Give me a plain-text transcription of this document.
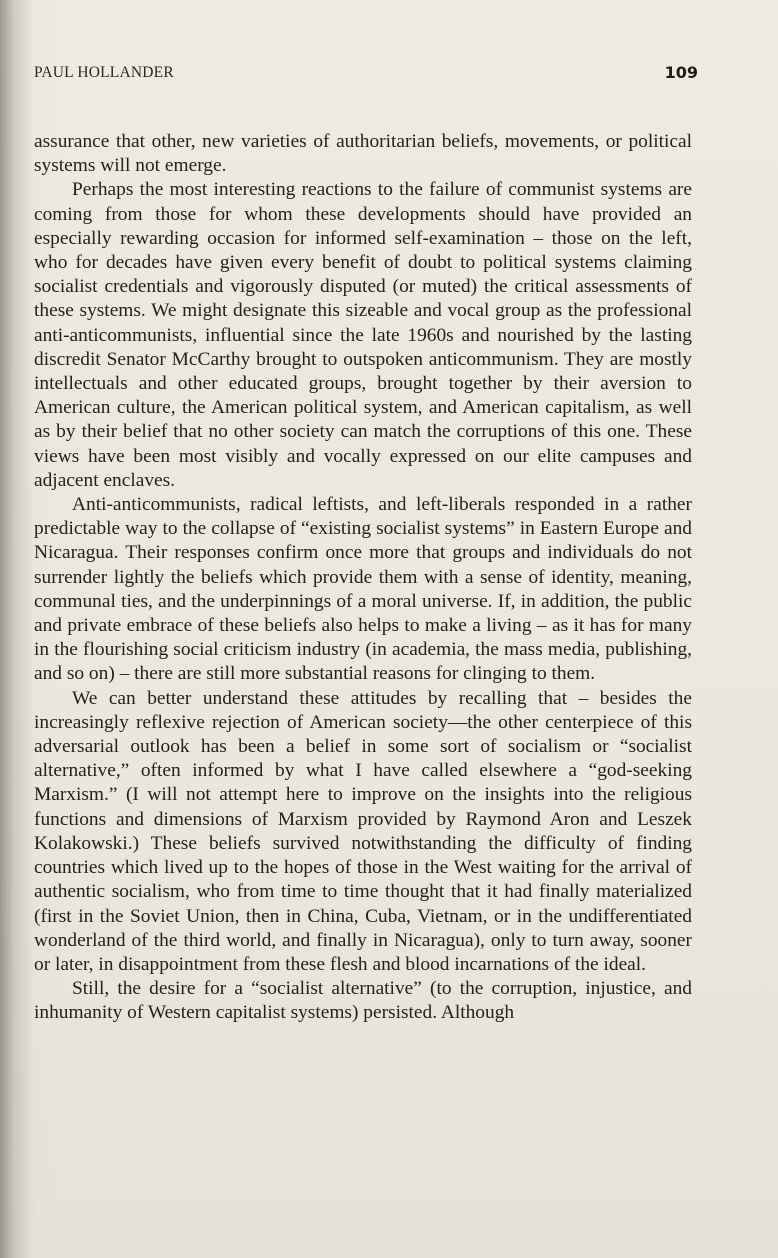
PAUL HOLLANDER	109

assurance that other, new varieties of authoritarian beliefs, movements, or political systems will not emerge.

Perhaps the most interesting reactions to the failure of communist systems are coming from those for whom these developments should have provided an especially rewarding occasion for informed self-examination – those on the left, who for decades have given every benefit of doubt to political systems claiming socialist credentials and vigorously disputed (or muted) the critical assessments of these systems. We might designate this sizeable and vocal group as the professional anti-anticommunists, influential since the late 1960s and nourished by the lasting discredit Senator McCarthy brought to outspoken anticommunism. They are mostly intellectuals and other educated groups, brought together by their aversion to American culture, the American political system, and American capitalism, as well as by their belief that no other society can match the corruptions of this one. These views have been most visibly and vocally expressed on our elite campuses and adjacent enclaves.

Anti-anticommunists, radical leftists, and left-liberals responded in a rather predictable way to the collapse of “existing socialist systems” in Eastern Europe and Nicaragua. Their responses confirm once more that groups and individuals do not surrender lightly the beliefs which provide them with a sense of identity, meaning, communal ties, and the underpinnings of a moral universe. If, in addition, the public and private embrace of these beliefs also helps to make a living – as it has for many in the flourishing social criticism industry (in academia, the mass media, publishing, and so on) – there are still more substantial reasons for clinging to them.

We can better understand these attitudes by recalling that – besides the increasingly reflexive rejection of American society—the other centerpiece of this adversarial outlook has been a belief in some sort of socialism or “socialist alternative,” often informed by what I have called elsewhere a “god-seeking Marxism.” (I will not attempt here to improve on the insights into the religious functions and dimensions of Marxism provided by Raymond Aron and Leszek Kolakowski.) These beliefs survived notwithstanding the difficulty of finding countries which lived up to the hopes of those in the West waiting for the arrival of authentic socialism, who from time to time thought that it had finally materialized (first in the Soviet Union, then in China, Cuba, Vietnam, or in the undifferentiated wonderland of the third world, and finally in Nicaragua), only to turn away, sooner or later, in disappointment from these flesh and blood incarnations of the ideal.

Still, the desire for a “socialist alternative” (to the corruption, injustice, and inhumanity of Western capitalist systems) persisted. Although
